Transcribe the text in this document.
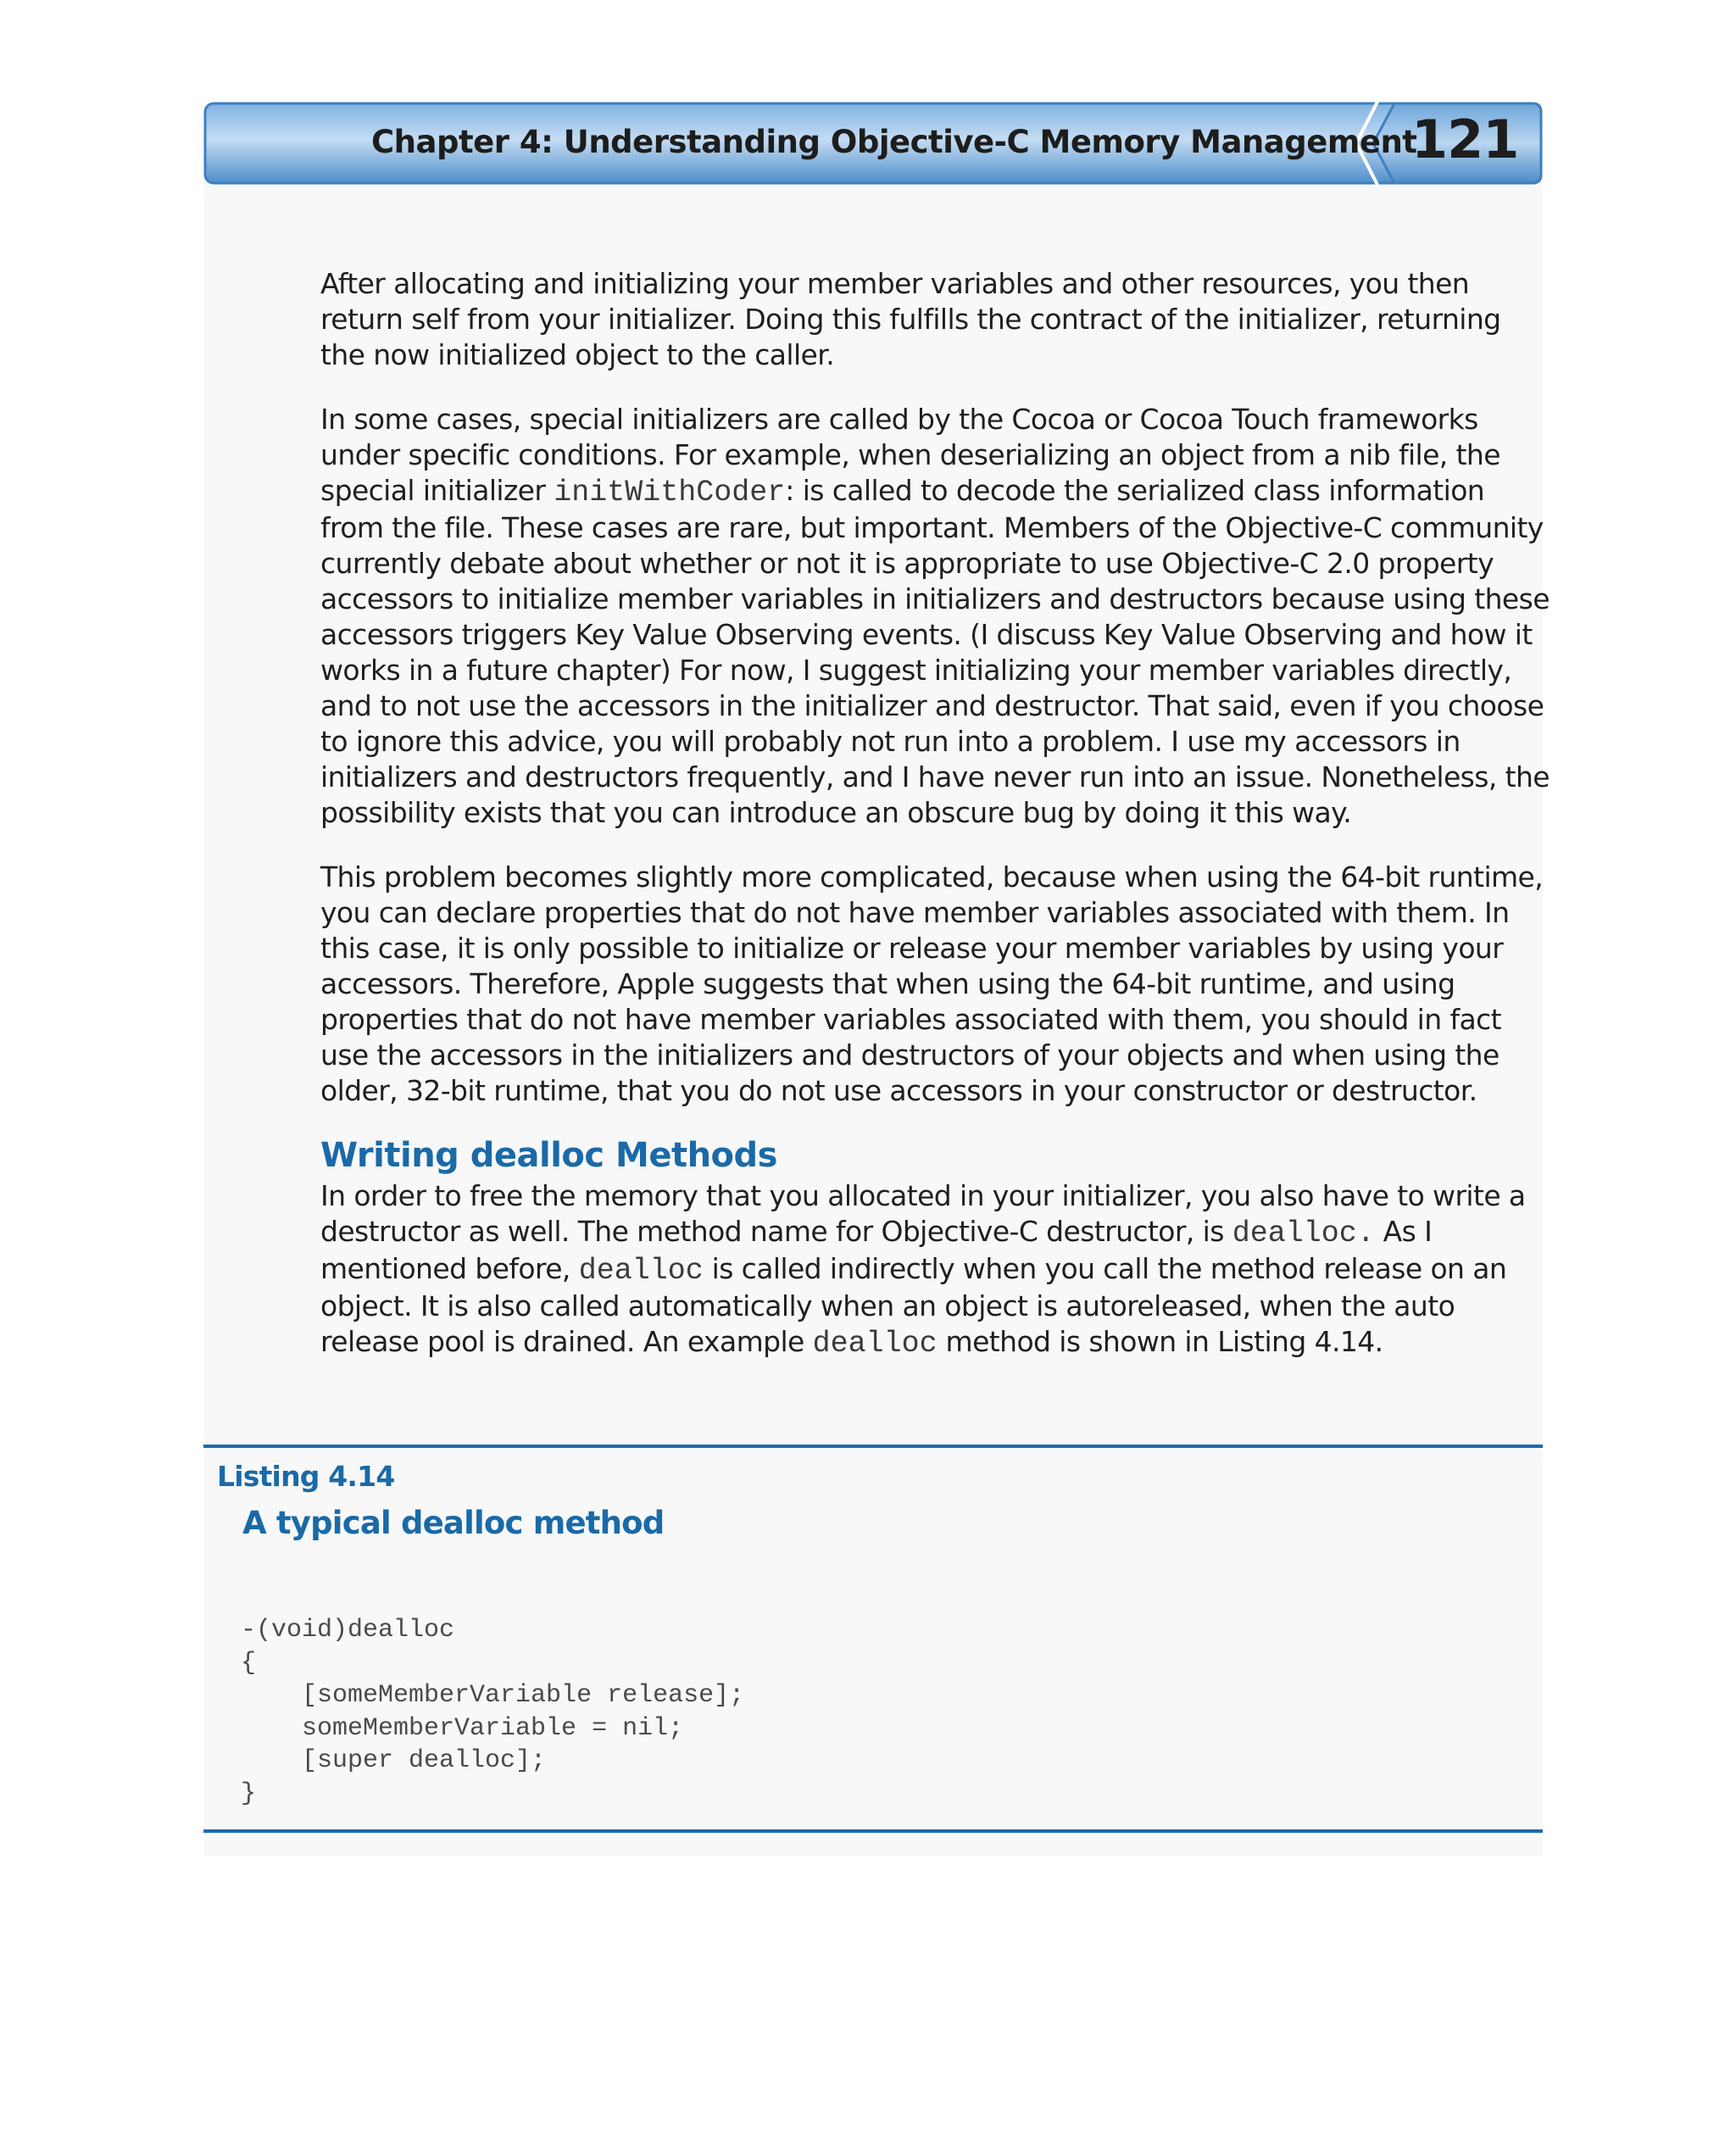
Chapter 4: Understanding Objective-C Memory Management
121

After allocating and initializing your member variables and other resources, you then return self from your initializer. Doing this fulfills the contract of the initializer, returning the now initialized object to the caller.

In some cases, special initializers are called by the Cocoa or Cocoa Touch frameworks under specific conditions. For example, when deserializing an object from a nib file, the special initializer initWithCoder: is called to decode the serialized class information from the file. These cases are rare, but important. Members of the Objective-C community currently debate about whether or not it is appropriate to use Objective-C 2.0 property accessors to initialize member variables in initializers and destructors because using these accessors triggers Key Value Observing events. (I discuss Key Value Observing and how it works in a future chapter) For now, I suggest initializing your member variables directly, and to not use the accessors in the initializer and destructor. That said, even if you choose to ignore this advice, you will probably not run into a problem. I use my accessors in initializers and destructors frequently, and I have never run into an issue. Nonetheless, the possibility exists that you can introduce an obscure bug by doing it this way.

This problem becomes slightly more complicated, because when using the 64-bit runtime, you can declare properties that do not have member variables associated with them. In this case, it is only possible to initialize or release your member variables by using your accessors. Therefore, Apple suggests that when using the 64-bit runtime, and using properties that do not have member variables associated with them, you should in fact use the accessors in the initializers and destructors of your objects and when using the older, 32-bit runtime, that you do not use accessors in your constructor or destructor.

Writing dealloc Methods

In order to free the memory that you allocated in your initializer, you also have to write a destructor as well. The method name for Objective-C destructor, is dealloc. As I mentioned before, dealloc is called indirectly when you call the method release on an object. It is also called automatically when an object is autoreleased, when the auto release pool is drained. An example dealloc method is shown in Listing 4.14.

Listing 4.14
A typical dealloc method
-(void)dealloc
{
[someMemberVariable release];
someMemberVariable = nil;
[super dealloc];
}
